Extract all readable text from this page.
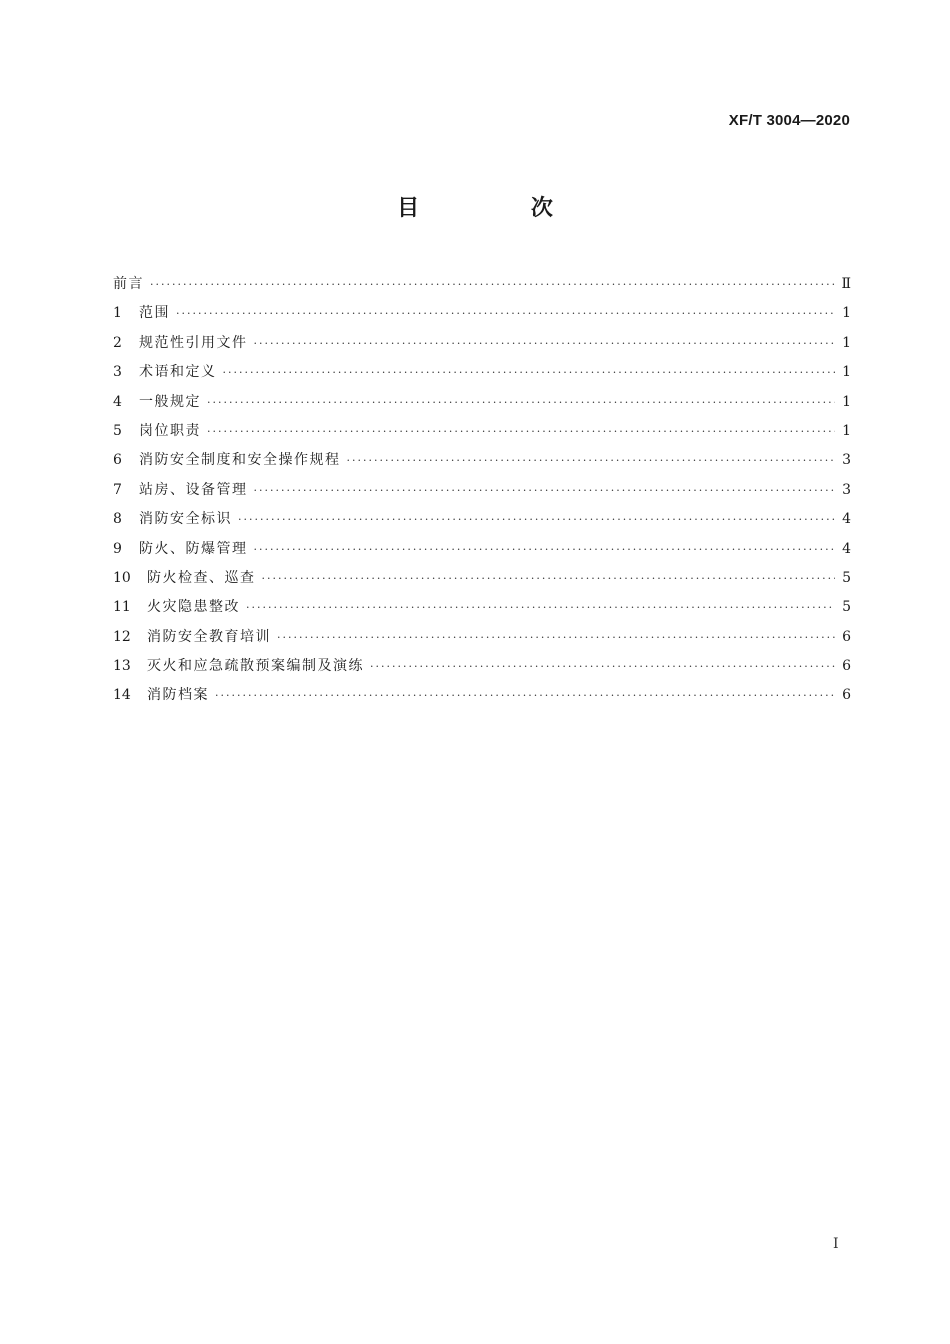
XF/T 3004—2020
目 次
前言 ·····	Ⅱ
1	范围 ·····	1
2	规范性引用文件 ·····	1
3	术语和定义 ·····	1
4	一般规定 ·····	1
5	岗位职责 ·····	1
6	消防安全制度和安全操作规程 ·····	3
7	站房、设备管理 ·····	3
8	消防安全标识 ·····	4
9	防火、防爆管理 ·····	4
10	防火检查、巡查 ·····	5
11	火灾隐患整改 ·····	5
12	消防安全教育培训 ·····	6
13	灭火和应急疏散预案编制及演练 ·····	6
14	消防档案 ·····	6
Ⅰ
